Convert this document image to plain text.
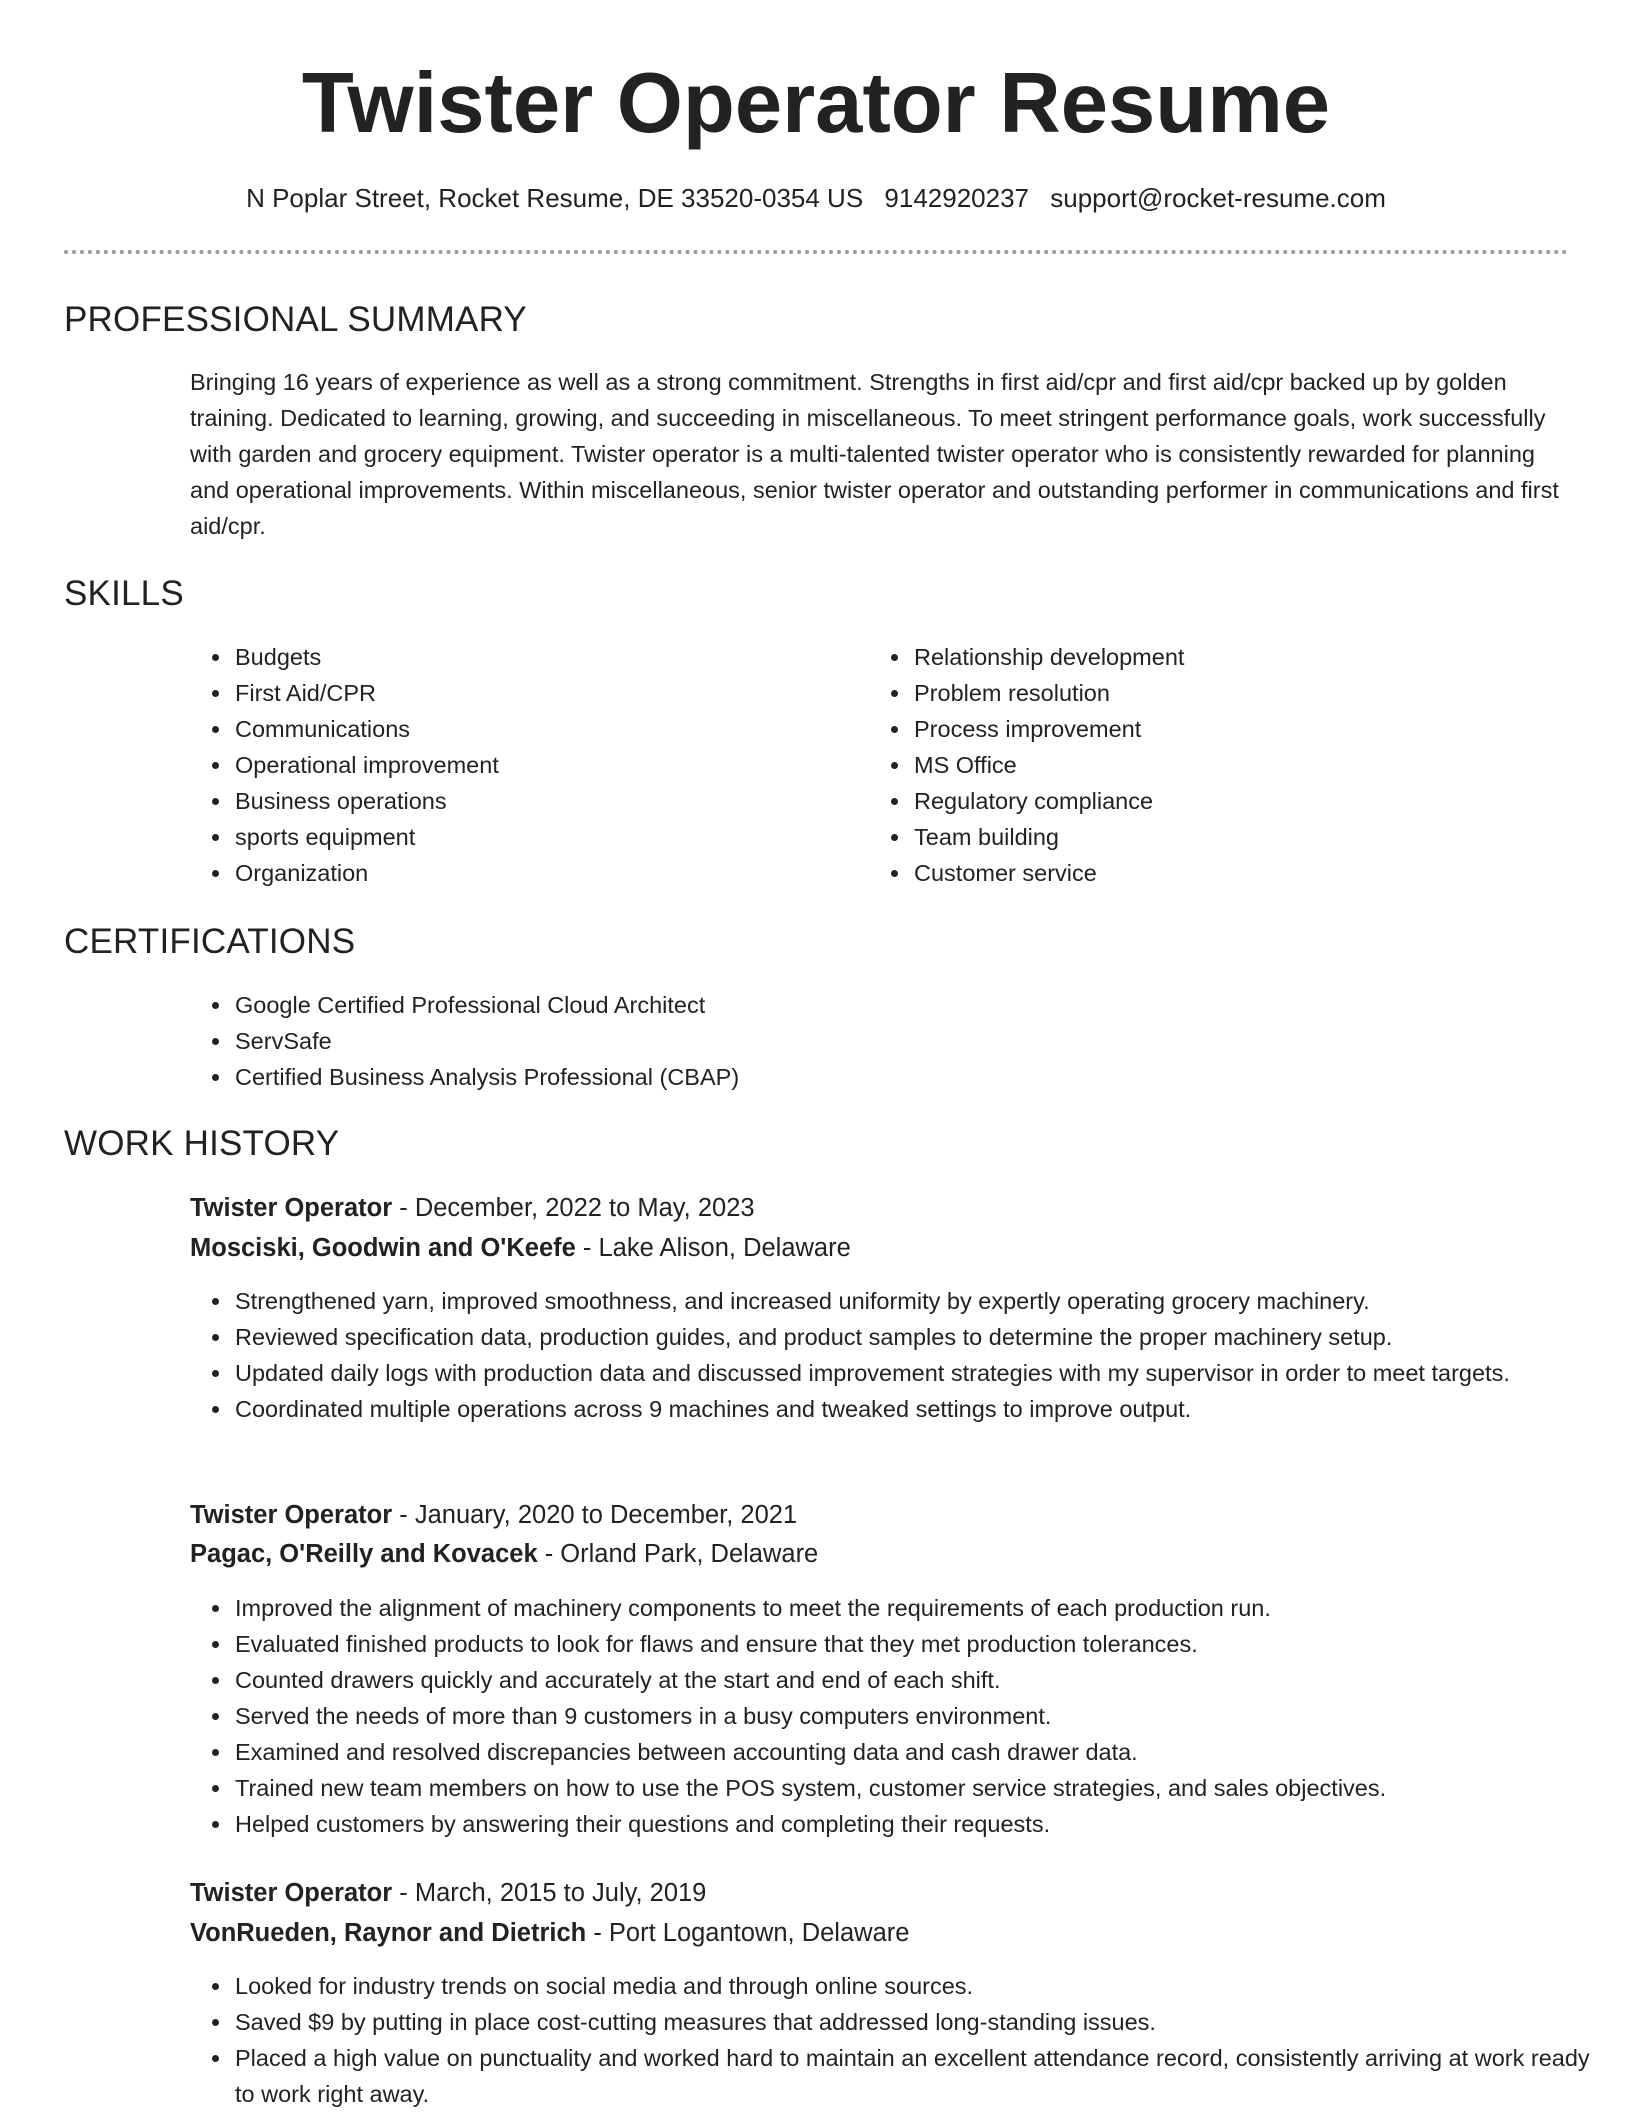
Twister Operator Resume
N Poplar Street, Rocket Resume, DE 33520-0354 US 9142920237 support@rocket-resume.com
PROFESSIONAL SUMMARY

Bringing 16 years of experience as well as a strong commitment. Strengths in first aid/cpr and first aid/cpr backed up by golden training. Dedicated to learning, growing, and succeeding in miscellaneous. To meet stringent performance goals, work successfully with garden and grocery equipment. Twister operator is a multi-talented twister operator who is consistently rewarded for planning and operational improvements. Within miscellaneous, senior twister operator and outstanding performer in communications and first aid/cpr.

SKILLS
• Budgets
• First Aid/CPR
• Communications
• Operational improvement
• Business operations
• sports equipment
• Organization
• Relationship development
• Problem resolution
• Process improvement
• MS Office
• Regulatory compliance
• Team building
• Customer service
CERTIFICATIONS
• Google Certified Professional Cloud Architect
• ServSafe
• Certified Business Analysis Professional (CBAP)
WORK HISTORY
Twister Operator - December, 2022 to May, 2023
Mosciski, Goodwin and O'Keefe - Lake Alison, Delaware
• Strengthened yarn, improved smoothness, and increased uniformity by expertly operating grocery machinery.
• Reviewed specification data, production guides, and product samples to determine the proper machinery setup.
• Updated daily logs with production data and discussed improvement strategies with my supervisor in order to meet targets.
• Coordinated multiple operations across 9 machines and tweaked settings to improve output.
Twister Operator - January, 2020 to December, 2021
Pagac, O'Reilly and Kovacek - Orland Park, Delaware
• Improved the alignment of machinery components to meet the requirements of each production run.
• Evaluated finished products to look for flaws and ensure that they met production tolerances.
• Counted drawers quickly and accurately at the start and end of each shift.
• Served the needs of more than 9 customers in a busy computers environment.
• Examined and resolved discrepancies between accounting data and cash drawer data.
• Trained new team members on how to use the POS system, customer service strategies, and sales objectives.
• Helped customers by answering their questions and completing their requests.
Twister Operator - March, 2015 to July, 2019
VonRueden, Raynor and Dietrich - Port Logantown, Delaware
• Looked for industry trends on social media and through online sources.
• Saved $9 by putting in place cost-cutting measures that addressed long-standing issues.
• Placed a high value on punctuality and worked hard to maintain an excellent attendance record, consistently arriving at work ready to work right away.
